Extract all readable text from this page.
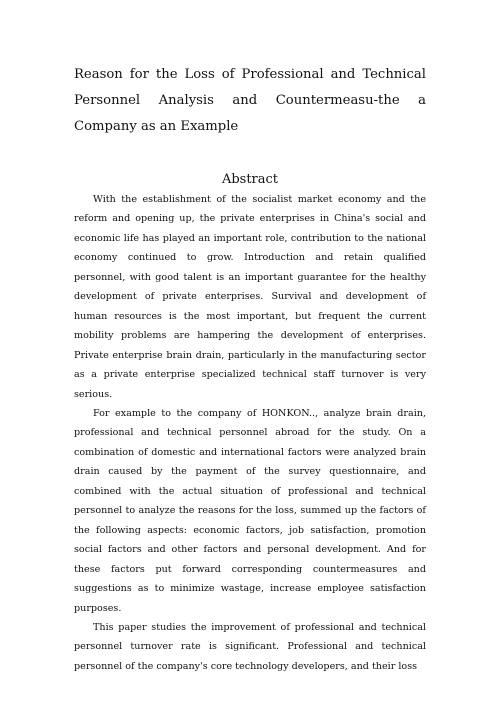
Reason for the Loss of Professional and Technical Personnel Analysis and Countermeasu-the a Company as an Example
Abstract

With the establishment of the socialist market economy and the reform and opening up, the private enterprises in China's social and economic life has played an important role, contribution to the national economy continued to grow. Introduction and retain qualified personnel, with good talent is an important guarantee for the healthy development of private enterprises. Survival and development of human resources is the most important, but frequent the current mobility problems are hampering the development of enterprises. Private enterprise brain drain, particularly in the manufacturing sector as a private enterprise specialized technical staff turnover is very serious.

For example to the company of HONKON.., analyze brain drain, professional and technical personnel abroad for the study. On a combination of domestic and international factors were analyzed brain drain caused by the payment of the survey questionnaire, and combined with the actual situation of professional and technical personnel to analyze the reasons for the loss, summed up the factors of the following aspects: economic factors, job satisfaction, promotion social factors and other factors and personal development. And for these factors put forward corresponding countermeasures and suggestions as to minimize wastage, increase employee satisfaction purposes.

This paper studies the improvement of professional and technical personnel turnover rate is significant. Professional and technical personnel of the company's core technology developers, and their loss
